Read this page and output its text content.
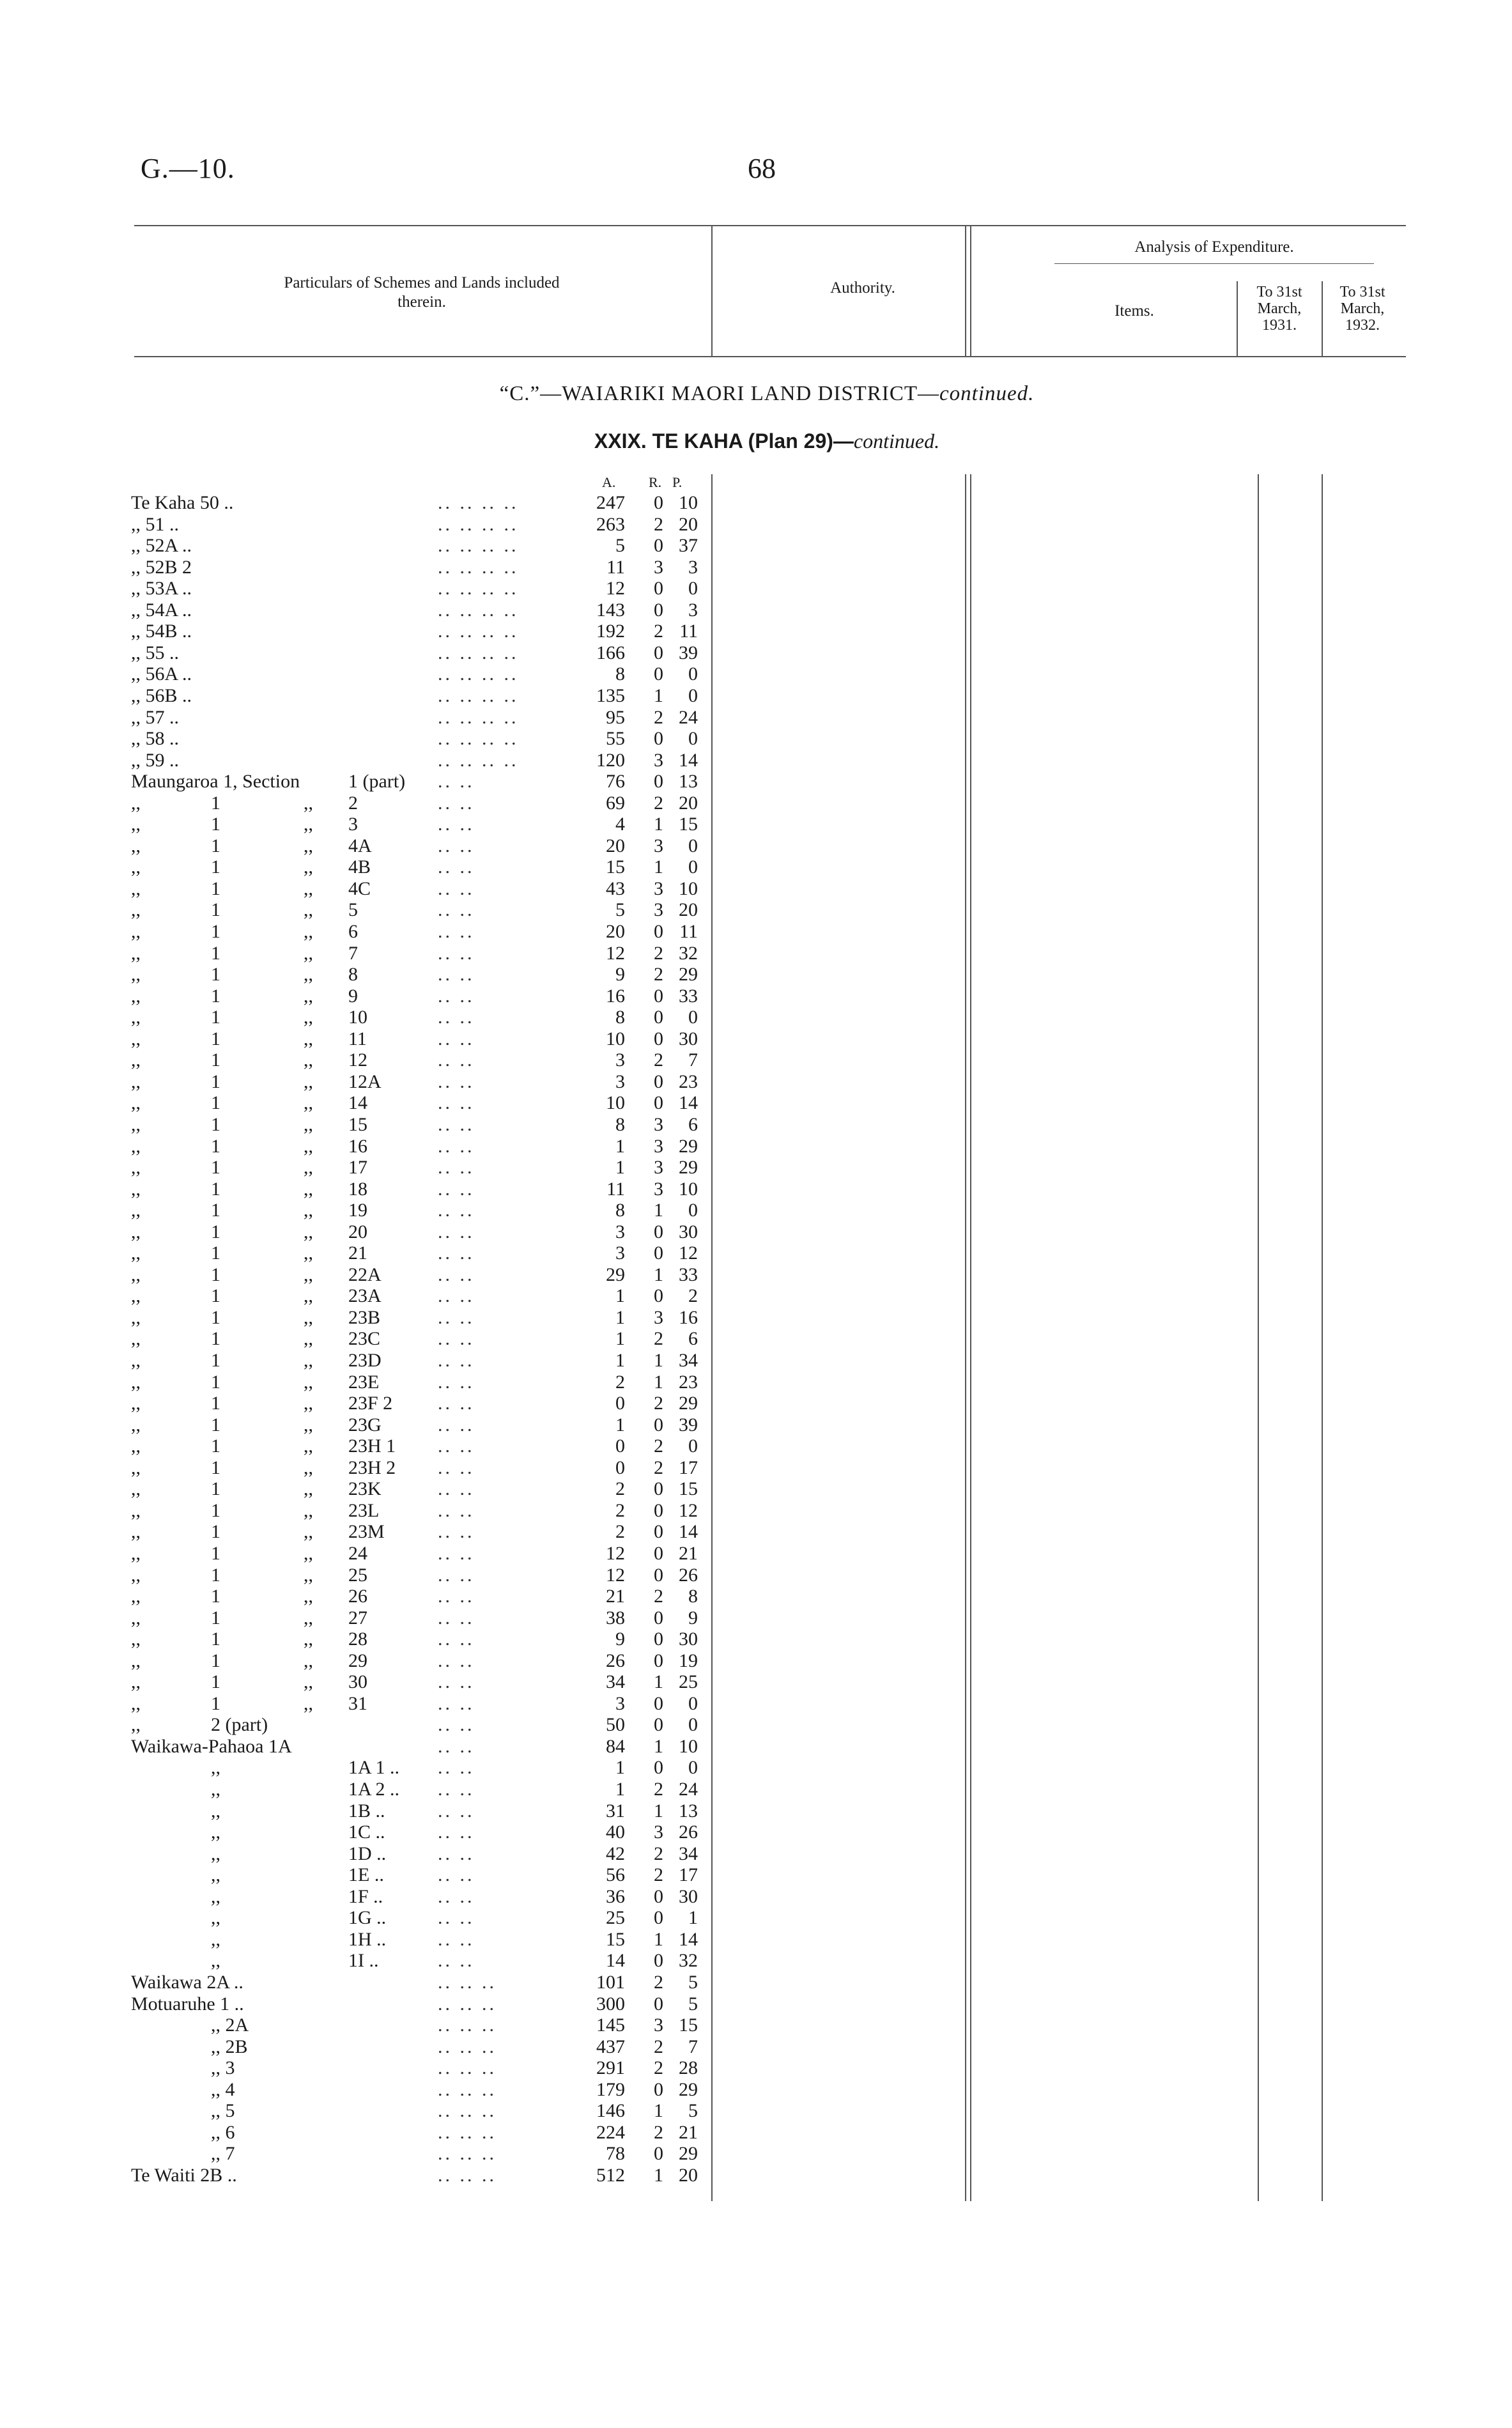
G.—10.	68
Particulars of Schemes and Lands included therein.
Authority.
Analysis of Expenditure.
Items.
To 31st March, 1931.
To 31st March, 1932.
“C.”—WAIARIKI MAORI LAND DISTRICT—continued.
XXIX. TE KAHA (Plan 29)—continued.
A. R. P.
Te Kaha 50 ..	.. .. .. ..	247	0 10
,, 51 ..	.. .. .. ..	263	2 20
,, 52A ..	.. .. .. ..	5	0 37
,, 52B 2	.. .. .. ..	11	3	3
,, 53A ..	.. .. .. ..	12	0	0
,, 54A ..	.. .. .. ..	143	0	3
,, 54B ..	.. .. .. ..	192	2 11
,, 55 ..	.. .. .. ..	166	0 39
,, 56A ..	.. .. .. ..	8	0	0
,, 56B ..	.. .. .. ..	135	1	0
,, 57 ..	.. .. .. ..	95	2 24
,, 58 ..	.. .. .. ..	55	0	0
,, 59 ..	.. .. .. ..	120	3 14
Maungaroa 1, Section	1 (part) .. ..	76	0 13
,,	1	,, 2	.. ..	69	2 20
,,	1	,, 3	.. ..	4	1 15
,,	1	,, 4A	.. ..	20	3	0
,,	1	,, 4B	.. ..	15	1	0
,,	1	,, 4C	.. ..	43	3 10
,,	1	,, 5	.. ..	5	3 20
,,	1	,, 6	.. ..	20	0 11
,,	1	,, 7	.. ..	12	2 32
,,	1	,, 8	.. ..	9	2 29
,,	1	,, 9	.. ..	16	0 33
,,	1	,, 10	.. ..	8	0	0
,,	1	,, 11	.. ..	10	0 30
,,	1	,, 12	.. ..	3	2	7
,,	1	,, 12A	.. ..	3	0 23
,,	1	,, 14	.. ..	10	0 14
,,	1	,, 15	.. ..	8	3	6
,,	1	,, 16	.. ..	1	3 29
,,	1	,, 17	.. ..	1	3 29
,,	1	,, 18	.. ..	11	3 10
,,	1	,, 19	.. ..	8	1	0
,,	1	,, 20	.. ..	3	0 30
,,	1	,, 21	.. ..	3	0 12
,,	1	,, 22A	.. ..	29	1 33
,,	1	,, 23A	.. ..	1	0	2
,,	1	,, 23B	.. ..	1	3 16
,,	1	,, 23C	.. ..	1	2	6
,,	1	,, 23D	.. ..	1	1 34
,,	1	,, 23E	.. ..	2	1 23
,,	1	,, 23F 2 .. ..	0	2 29
,,	1	,, 23G	.. ..	1	0 39
,,	1	,, 23H 1 .. ..	0	2	0
,,	1	,, 23H 2 .. ..	0	2 17
,,	1	,, 23K	.. ..	2	0 15
,,	1	,, 23L	.. ..	2	0 12
,,	1	,, 23M	.. ..	2	0 14
,,	1	,, 24	.. ..	12	0 21
,,	1	,, 25	.. ..	12	0 26
,,	1	,, 26	.. ..	21	2	8
,,	1	,, 27	.. ..	38	0	9
,,	1	,, 28	.. ..	9	0 30
,,	1	,, 29	.. ..	26	0 19
,,	1	,, 30	.. ..	34	1 25
,,	1	,, 31	.. ..	3	0	0
,,	2 (part)	.. ..	50	0	0
Waikawa-Pahaoa 1A	.. ..	84	1 10
,,	1A 1 .. .. ..	1	0	0
,,	1A 2 .. .. ..	1	2 24
,,	1B ..	.. ..	31	1 13
,,	1C ..	.. ..	40	3 26
,,	1D ..	.. ..	42	2 34
,,	1E ..	.. ..	56	2 17
,,	1F ..	.. ..	36	0 30
,,	1G ..	.. ..	25	0	1
,,	1H ..	.. ..	15	1 14
,,	1I ..	.. ..	14	0 32
Waikawa 2A ..	.. .. ..	101	2	5
Motuaruhe 1 ..	.. .. ..	300	0	5
,, 2A	.. .. ..	145	3 15
,, 2B	.. .. ..	437	2	7
,, 3	.. .. ..	291	2 28
,, 4	.. .. ..	179	0 29
,, 5	.. .. ..	146	1	5
,, 6	.. .. ..	224	2 21
,, 7	.. .. ..	78	0 29
Te Waiti 2B ..	.. .. ..	512	1 20
